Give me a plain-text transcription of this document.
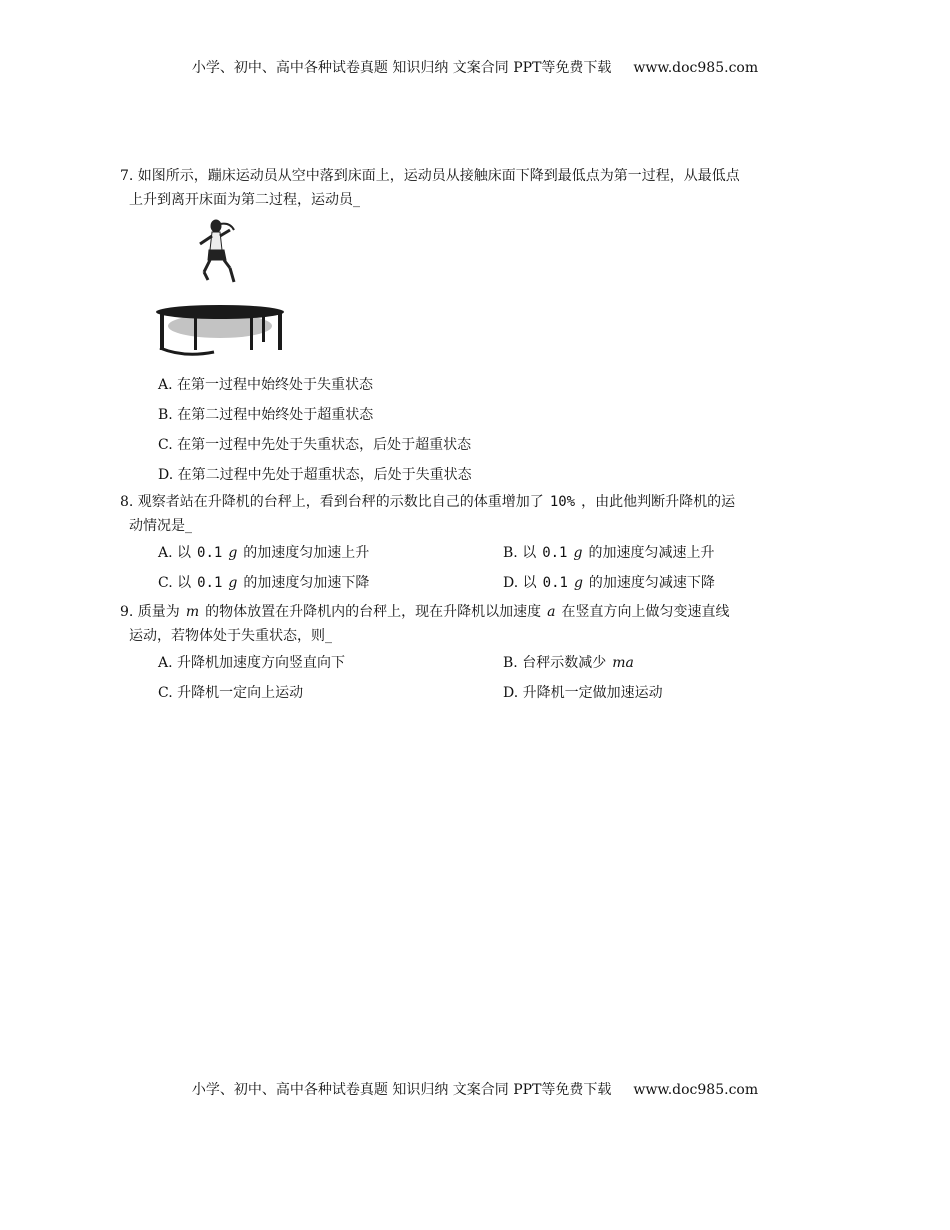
小学、初中、高中各种试卷真题 知识归纳 文案合同 PPT等免费下载 www.doc985.com
7. 如图所示，蹦床运动员从空中落到床面上，运动员从接触床面下降到最低点为第一过程，从最低点
上升到离开床面为第二过程，运动员_
A. 在第一过程中始终处于失重状态
B. 在第二过程中始终处于超重状态
C. 在第一过程中先处于失重状态，后处于超重状态
D. 在第二过程中先处于超重状态，后处于失重状态
8. 观察者站在升降机的台秤上，看到台秤的示数比自己的体重增加了 10% ，由此他判断升降机的运
动情况是_
A. 以 0.1 g 的加速度匀加速上升	B. 以 0.1 g 的加速度匀减速上升
C. 以 0.1 g 的加速度匀加速下降	D. 以 0.1 g 的加速度匀减速下降
9. 质量为 m 的物体放置在升降机内的台秤上，现在升降机以加速度 a 在竖直方向上做匀变速直线
运动，若物体处于失重状态，则_
A. 升降机加速度方向竖直向下	B. 台秤示数减少 ma
C. 升降机一定向上运动	D. 升降机一定做加速运动
小学、初中、高中各种试卷真题 知识归纳 文案合同 PPT等免费下载 www.doc985.com
